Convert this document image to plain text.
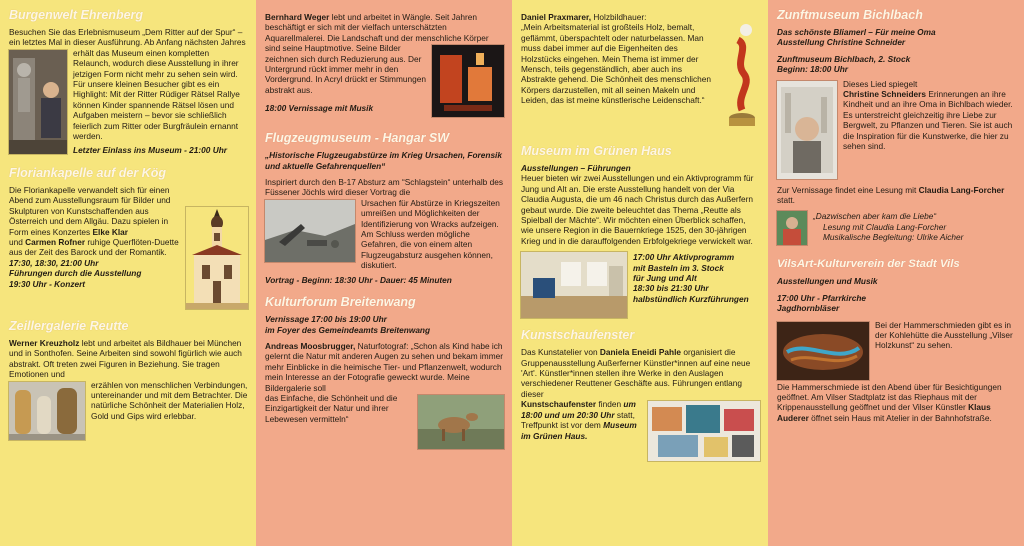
Burgenwelt Ehrenberg

Besuchen Sie das Erlebnismuseum „Dem Ritter auf der Spur“ – ein letztes Mal in dieser Ausführung. Ab Anfang nächsten Jahres

erhält das Museum einen kompletten Relaunch, wodurch diese Ausstellung in ihrer jetzigen Form nicht mehr zu sehen sein wird. Für unsere kleinen Besucher gibt es ein Highlight: Mit der Ritter Rüdiger Rätsel Rallye können Kinder spannende Rätsel lösen und Aufgaben meistern – bevor sie schließlich feierlich zum Ritter oder Burgfräulein ernannt werden.

Letzter Einlass ins Museum - 21:00 Uhr

Floriankapelle auf der Kög

Die Floriankapelle verwandelt sich für einen Abend zum Ausstellungsraum für Bilder und Skulpturen von Kunstschaffenden aus Österreich und dem Allgäu. Dazu spielen in Form eines Konzertes Elke Klar
und Carmen Rofner ruhige Querflöten-Duette aus der Zeit des Barock und der Romantik.

17:30, 18:30, 21:00 Uhr

Führungen durch die Ausstellung

19:30 Uhr - Konzert

Zeillergalerie Reutte

Werner Kreuzholz lebt und arbeitet als Bildhauer bei München und in Sonthofen. Seine Arbeiten sind sowohl figürlich wie auch abstrakt. Oft treten zwei Figuren in Beziehung. Sie tragen Emotionen und

erzählen von menschlichen Verbindungen, untereinander und mit dem Betrachter. Die natürliche Schönheit der Materialien Holz, Gold und Gips wird erlebbar.

Bernhard Weger lebt und arbeitet in Wängle. Seit Jahren beschäftigt er sich mit der vielfach unterschätzten Aquarellmalerei. Die Landschaft und der menschliche Körper

sind seine Hauptmotive. Seine Bilder zeichnen sich durch Reduzierung aus. Der Untergrund rückt immer mehr in den Vordergrund. In Acryl drückt er Stimmungen abstrakt aus.

18:00 Vernissage mit Musik

Flugzeugmuseum - Hangar SW

„Historische Flugzeugabstürze im Krieg Ursachen, Forensik und aktuelle Gefahrenquellen“

Inspiriert durch den B-17 Absturz am “Schlagstein“ unterhalb des Füssener Jöchls wird dieser Vortrag die

Ursachen für Abstürze in Kriegszeiten umreißen und Möglichkeiten der Identifizierung von Wracks aufzeigen. Am Schluss werden mögliche Gefahren, die von einem alten Flugzeugabsturz ausgehen können, diskutiert.

Vortrag - Beginn: 18:30 Uhr - Dauer: 45 Minuten

Kulturforum Breitenwang

Vernissage 17:00 bis 19:00 Uhr

im Foyer des Gemeindeamts Breitenwang

Andreas Moosbrugger, Naturfotograf: „Schon als Kind habe ich gelernt die Natur mit anderen Augen zu sehen und bekam immer mehr Einblicke in die heimische Tier- und Pflanzenwelt, wodurch mein Interesse an der Fotografie geweckt wurde. Meine Bildergalerie soll

das Einfache, die Schönheit und die Einzigartigkeit der Natur und ihrer Lebewesen vermitteln“

Daniel Praxmarer, Holzbildhauer:
„Mein Arbeitsmaterial ist großteils Holz, bemalt, geflämmt, überspachtelt oder naturbelassen. Man muss dabei immer auf die Eigenheiten des Holzstücks eingehen. Mein Thema ist immer der Mensch, teils gegenständlich, aber auch ins Abstrakte gehend. Die Schönheit des menschlichen Körpers darzustellen, mit all seinen Makeln und Leiden, das ist meine künstlerische Leidenschaft.“

Museum im Grünen Haus

Ausstellungen – Führungen

Heuer bieten wir zwei Ausstellungen und ein Aktivprogramm für Jung und Alt an. Die erste Ausstellung handelt von der Via Claudia Augusta, die um 46 nach Christus durch das Außerfern gebaut wurde. Die zweite beleuchtet das Thema „Reutte als Spielball der Mächte“. Wir möchten einen Überblick schaffen, wie unsere Region in die Bauernkriege 1525, den 30-jährigen Krieg und in die darauffolgenden Erbfolgekriege verwickelt war.

17:00 Uhr Aktivprogramm

mit Basteln im 3. Stock

für Jung und Alt

18:30 bis 21:30 Uhr

halbstündlich Kurzführungen

Kunstschaufenster

Das Kunstatelier von Daniela Eneidi Pahle organisiert die Gruppenausstellung Außerferner Künstler*innen auf eine neue 'Art'. Künstler*innen stellen ihre Werke in den Auslagen verschiedener Reuttener Geschäfte aus. Führungen entlang dieser

Kunstschaufenster finden um 18:00 und um 20:30 Uhr statt, Treffpunkt ist vor dem Museum im Grünen Haus.

Zunftmuseum Bichlbach

Das schönste Bliamerl – Für meine Oma

Ausstellung Christine Schneider

Zunftmuseum Bichlbach, 2. Stock

Beginn: 18:00 Uhr

Dieses Lied spiegelt
Christine Schneiders Erinnerungen an ihre Kindheit und an ihre Oma in Bichlbach wieder. Es unterstreicht gleichzeitig ihre Liebe zur Bergwelt, zu Pflanzen und Tieren. Sie ist auch die Inspiration für die Kunstwerke, die hier zu sehen sind.

Zur Vernissage findet eine Lesung mit Claudia Lang-Forcher statt.

„Dazwischen aber kam die Liebe“
Lesung mit Claudia Lang-Forcher
Musikalische Begleitung: Ulrike Aicher
VilsArt-Kulturverein der Stadt Vils

Ausstellungen und Musik

17:00 Uhr - Pfarrkirche

Jagdhornbläser

Bei der Hammerschmieden gibt es in der Kohlehütte die Ausstellung „Vilser Holzkunst“ zu sehen.

Die Hammerschmiede ist den Abend über für Besichtigungen geöffnet. Am Vilser Stadtplatz ist das Riephaus mit der Krippenausstellung geöffnet und der Vilser Künstler Klaus Auderer öffnet sein Haus mit Atelier in der Bahnhofstraße.
